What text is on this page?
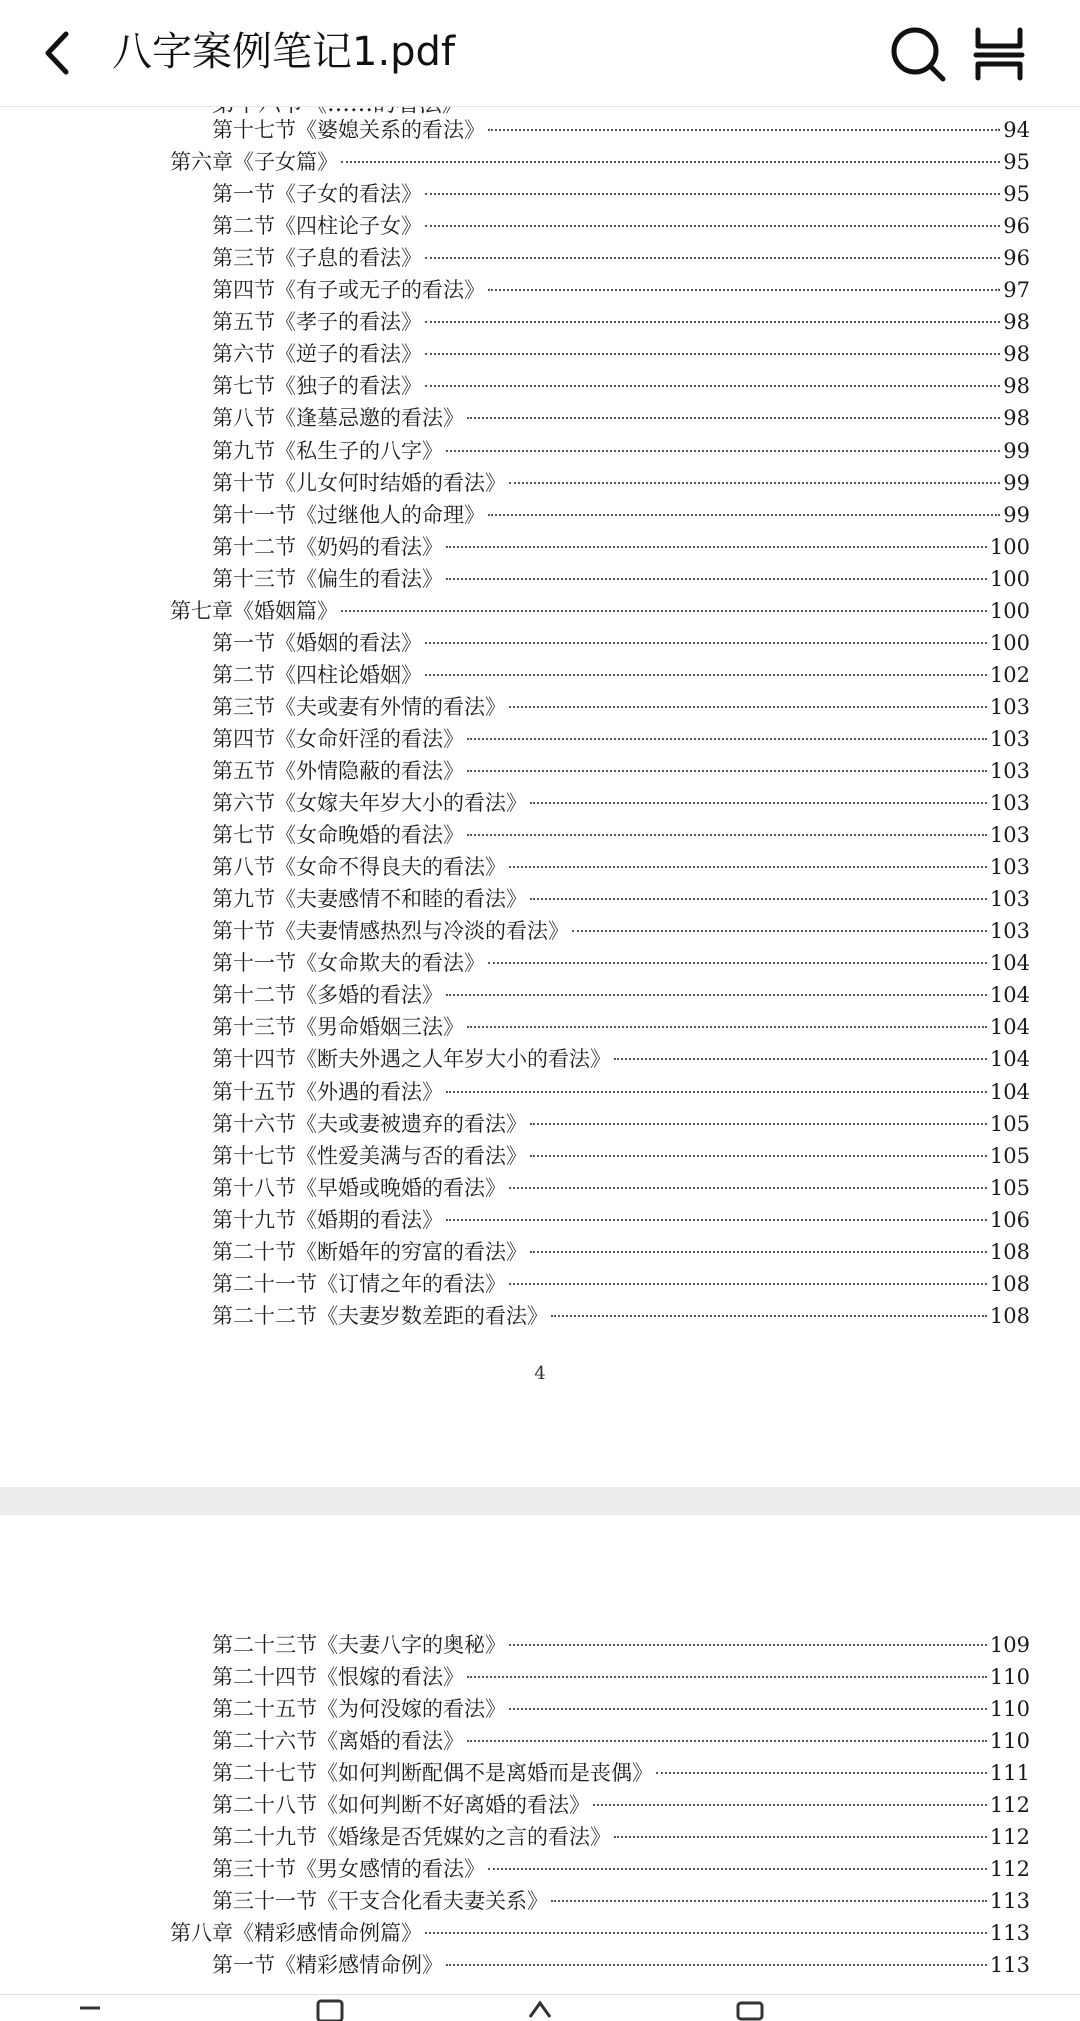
八字案例笔记1.pdf
第十七节《婆媳关系的看法》	94
第六章《子女篇》	95
第一节《子女的看法》	95
第二节《四柱论子女》	96
第三节《子息的看法》	96
第四节《有子或无子的看法》	97
第五节《孝子的看法》	98
第六节《逆子的看法》	98
第七节《独子的看法》	98
第八节《逢墓忌邀的看法》	98
第九节《私生子的八字》	99
第十节《儿女何时结婚的看法》	99
第十一节《过继他人的命理》	99
第十二节《奶妈的看法》	100
第十三节《偏生的看法》	100
第七章《婚姻篇》	100
第一节《婚姻的看法》	100
第二节《四柱论婚姻》	102
第三节《夫或妻有外情的看法》	103
第四节《女命奸淫的看法》	103
第五节《外情隐蔽的看法》	103
第六节《女嫁夫年岁大小的看法》	103
第七节《女命晚婚的看法》	103
第八节《女命不得良夫的看法》	103
第九节《夫妻感情不和睦的看法》	103
第十节《夫妻情感热烈与冷淡的看法》	103
第十一节《女命欺夫的看法》	104
第十二节《多婚的看法》	104
第十三节《男命婚姻三法》	104
第十四节《断夫外遇之人年岁大小的看法》	104
第十五节《外遇的看法》	104
第十六节《夫或妻被遗弃的看法》	105
第十七节《性爱美满与否的看法》	105
第十八节《早婚或晚婚的看法》	105
第十九节《婚期的看法》	106
第二十节《断婚年的穷富的看法》	108
第二十一节《订情之年的看法》	108
第二十二节《夫妻岁数差距的看法》	108
4
第二十三节《夫妻八字的奥秘》	109
第二十四节《恨嫁的看法》	110
第二十五节《为何没嫁的看法》	110
第二十六节《离婚的看法》	110
第二十七节《如何判断配偶不是离婚而是丧偶》	111
第二十八节《如何判断不好离婚的看法》	112
第二十九节《婚缘是否凭媒妁之言的看法》	112
第三十节《男女感情的看法》	112
第三十一节《干支合化看夫妻关系》	113
第八章《精彩感情命例篇》	113
第一节《精彩感情命例》	113
